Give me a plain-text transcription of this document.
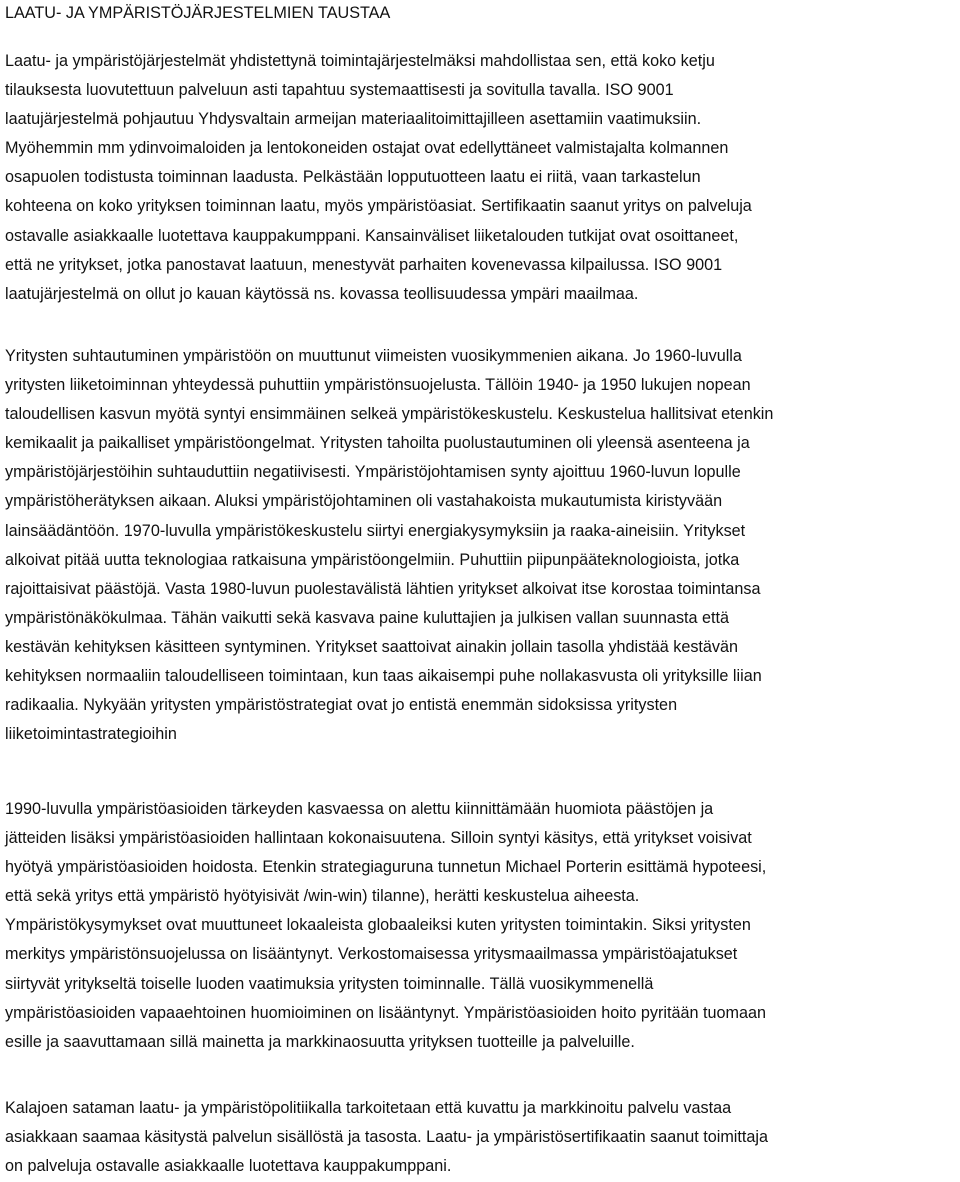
LAATU- JA YMPÄRISTÖJÄRJESTELMIEN TAUSTAA
Laatu- ja ympäristöjärjestelmät yhdistettynä toimintajärjestelmäksi mahdollistaa sen, että koko ketju
tilauksesta luovutettuun palveluun asti tapahtuu systemaattisesti ja sovitulla tavalla. ISO 9001
laatujärjestelmä pohjautuu Yhdysvaltain armeijan materiaalitoimittajilleen asettamiin vaatimuksiin.
Myöhemmin mm ydinvoimaloiden ja lentokoneiden ostajat ovat edellyttäneet valmistajalta kolmannen
osapuolen todistusta toiminnan laadusta. Pelkästään lopputuotteen laatu ei riitä, vaan tarkastelun
kohteena on koko yrityksen toiminnan laatu, myös ympäristöasiat. Sertifikaatin saanut yritys on palveluja
ostavalle asiakkaalle luotettava kauppakumppani. Kansainväliset liiketalouden tutkijat ovat osoittaneet,
että ne yritykset, jotka panostavat laatuun, menestyvät parhaiten kovenevassa kilpailussa. ISO 9001
laatujärjestelmä on ollut jo kauan käytössä ns. kovassa teollisuudessa ympäri maailmaa.
Yritysten suhtautuminen ympäristöön on muuttunut viimeisten vuosikymmenien aikana. Jo 1960-luvulla
yritysten liiketoiminnan yhteydessä puhuttiin ympäristönsuojelusta. Tällöin 1940- ja 1950 lukujen nopean
taloudellisen kasvun myötä syntyi ensimmäinen selkeä ympäristökeskustelu. Keskustelua hallitsivat etenkin
kemikaalit ja paikalliset ympäristöongelmat. Yritysten tahoilta puolustautuminen oli yleensä asenteena ja
ympäristöjärjestöihin suhtauduttiin negatiivisesti. Ympäristöjohtamisen synty ajoittuu 1960-luvun lopulle
ympäristöherätyksen aikaan. Aluksi ympäristöjohtaminen oli vastahakoista mukautumista kiristyvään
lainsäädäntöön. 1970-luvulla ympäristökeskustelu siirtyi energiakysymyksiin ja raaka-aineisiin. Yritykset
alkoivat pitää uutta teknologiaa ratkaisuna ympäristöongelmiin. Puhuttiin piipunpääteknologioista, jotka
rajoittaisivat päästöjä. Vasta 1980-luvun puolestavälistä lähtien yritykset alkoivat itse korostaa toimintansa
ympäristönäkökulmaa. Tähän vaikutti sekä kasvava paine kuluttajien ja julkisen vallan suunnasta että
kestävän kehityksen käsitteen syntyminen. Yritykset saattoivat ainakin jollain tasolla yhdistää kestävän
kehityksen normaaliin taloudelliseen toimintaan, kun taas aikaisempi puhe nollakasvusta oli yrityksille liian
radikaalia. Nykyään yritysten ympäristöstrategiat ovat jo entistä enemmän sidoksissa yritysten
liiketoimintastrategioihin
1990-luvulla ympäristöasioiden tärkeyden kasvaessa on alettu kiinnittämään huomiota päästöjen ja
jätteiden lisäksi ympäristöasioiden hallintaan kokonaisuutena. Silloin syntyi käsitys, että yritykset voisivat
hyötyä ympäristöasioiden hoidosta. Etenkin strategiaguruna tunnetun Michael Porterin esittämä hypoteesi,
että sekä yritys että ympäristö hyötyisivät /win-win) tilanne), herätti keskustelua aiheesta.
Ympäristökysymykset ovat muuttuneet lokaaleista globaaleiksi kuten yritysten toimintakin. Siksi yritysten
merkitys ympäristönsuojelussa on lisääntynyt. Verkostomaisessa yritysmaailmassa ympäristöajatukset
siirtyvät yritykseltä toiselle luoden vaatimuksia yritysten toiminnalle. Tällä vuosikymmenellä
ympäristöasioiden vapaaehtoinen huomioiminen on lisääntynyt. Ympäristöasioiden hoito pyritään tuomaan
esille ja saavuttamaan sillä mainetta ja markkinaosuutta yrityksen tuotteille ja palveluille.
Kalajoen sataman laatu- ja ympäristöpolitiikalla tarkoitetaan että kuvattu ja markkinoitu palvelu vastaa
asiakkaan saamaa käsitystä palvelun sisällöstä ja tasosta. Laatu- ja ympäristösertifikaatin saanut toimittaja
on palveluja ostavalle asiakkaalle luotettava kauppakumppani.
